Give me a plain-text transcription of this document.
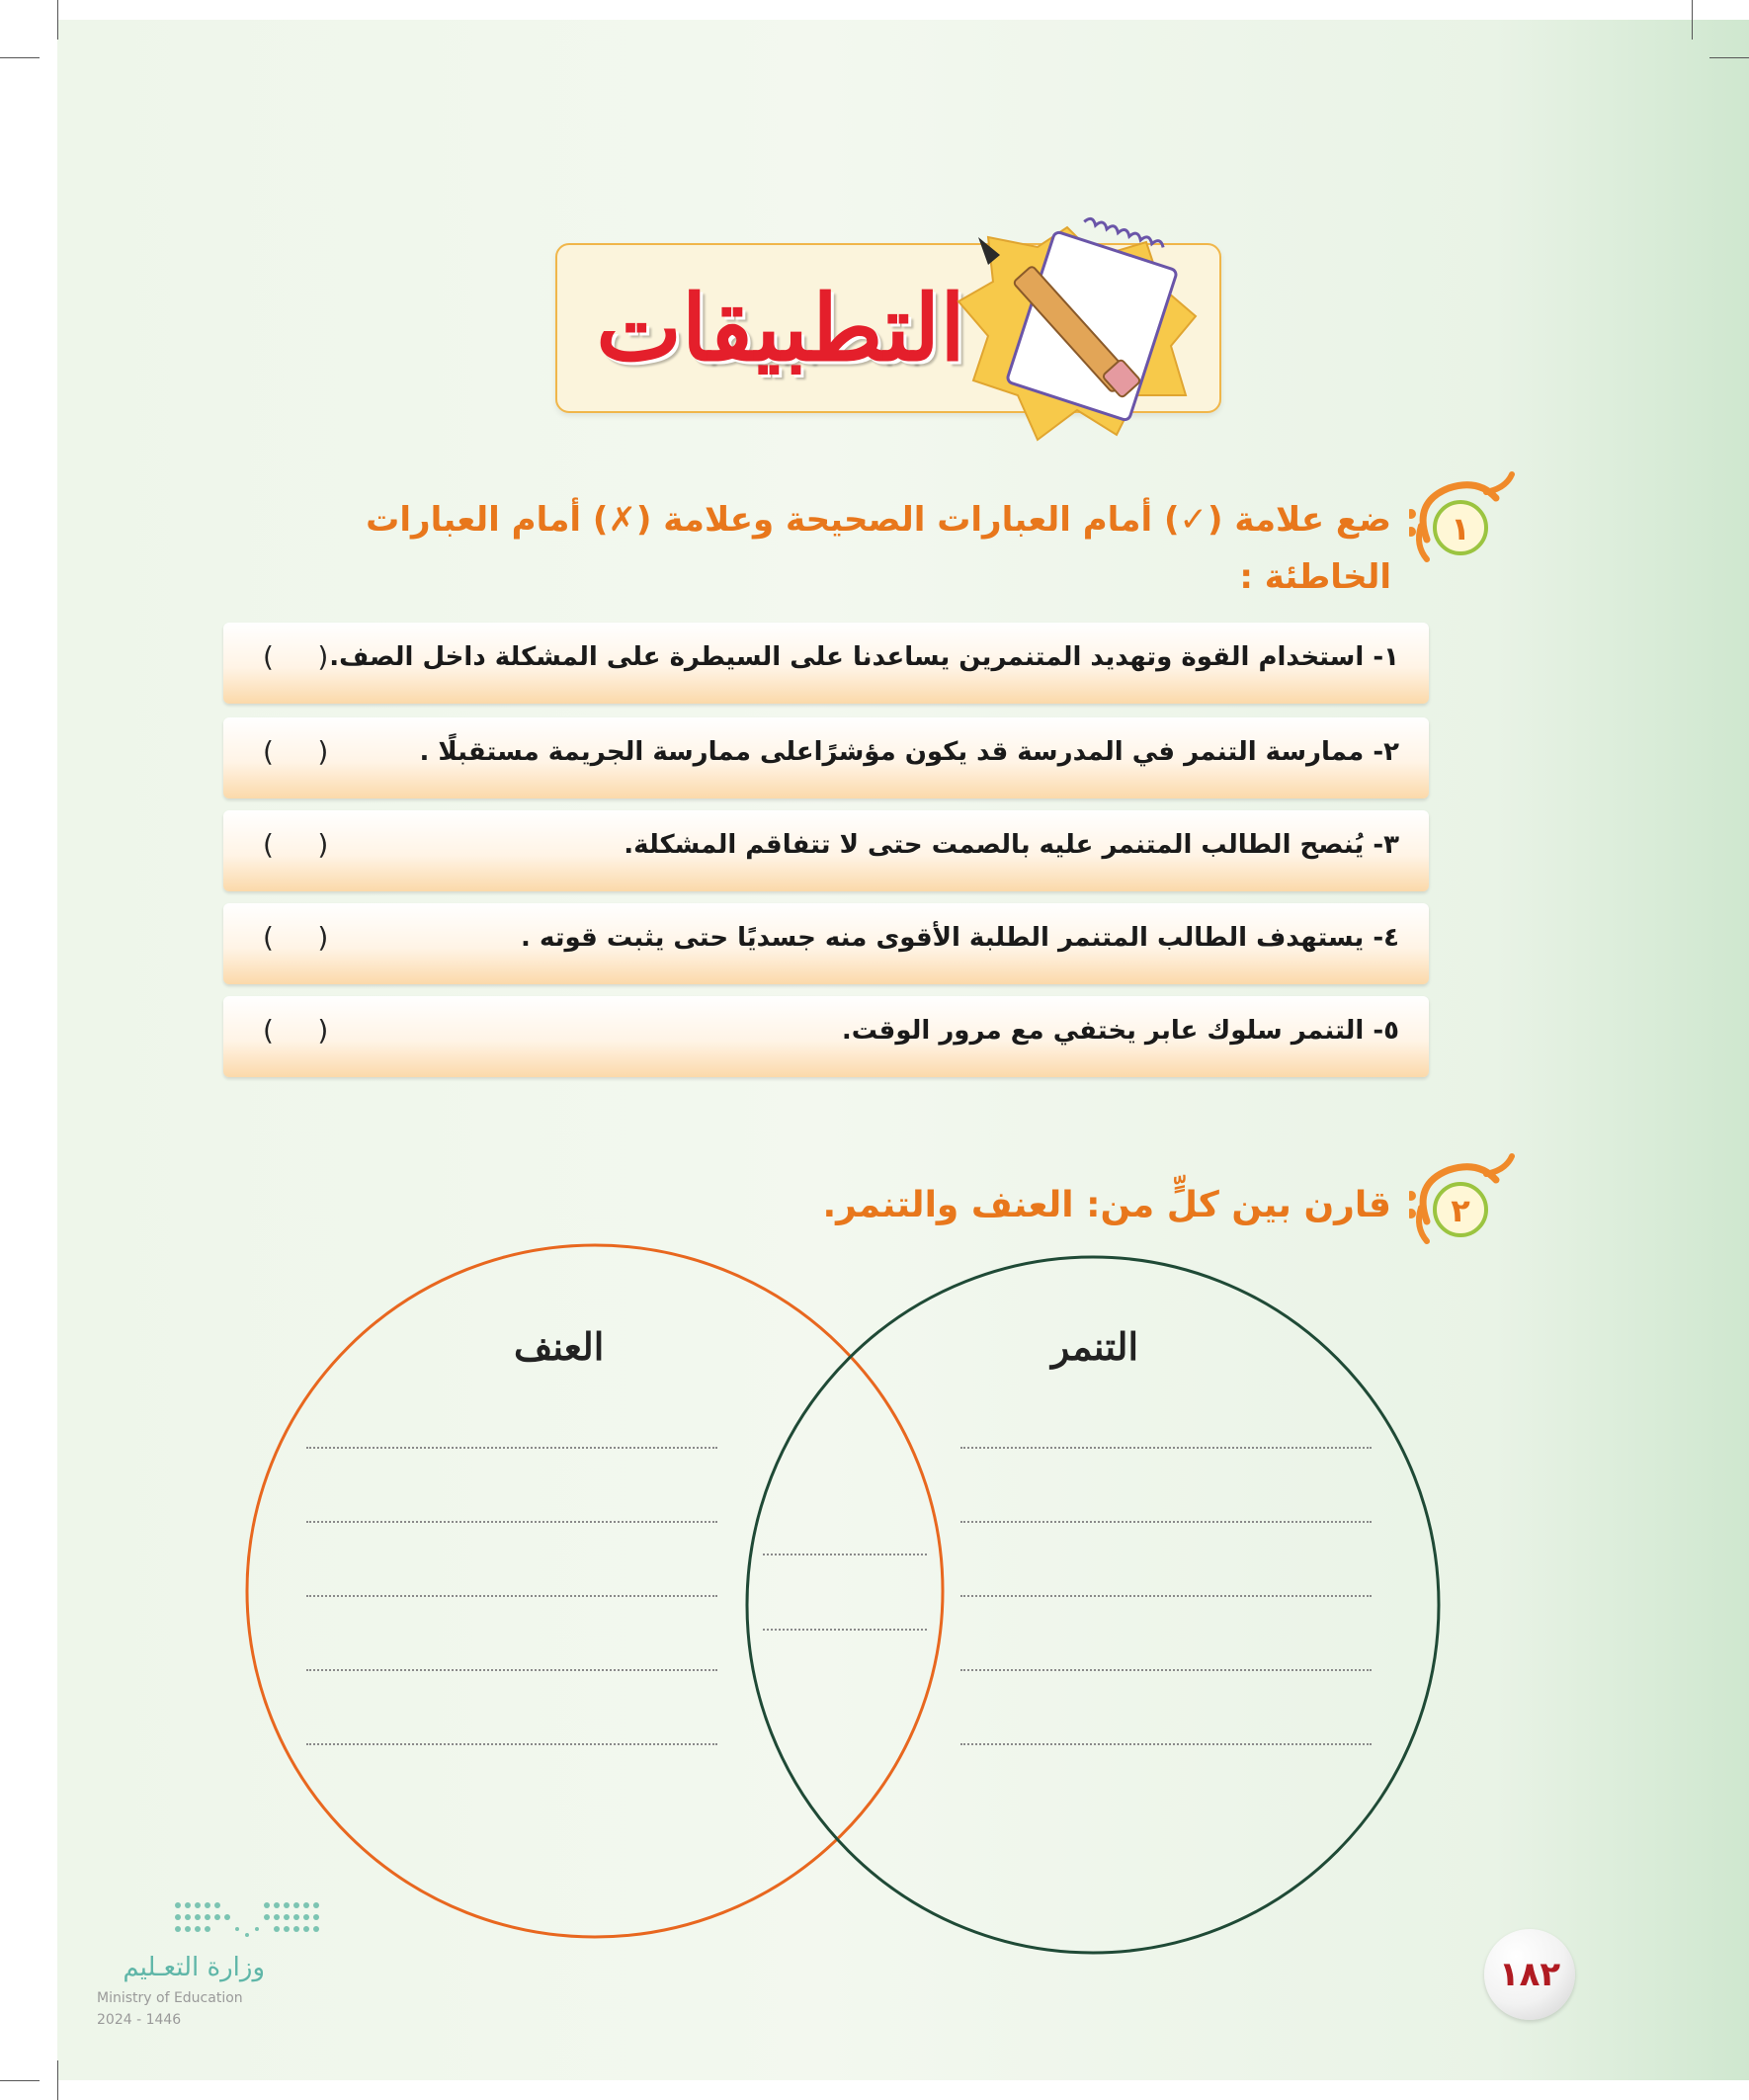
التطبيقات
١
ضع علامة (✓) أمام العبارات الصحيحة وعلامة (✗) أمام العبارات
الخاطئة :
١- استخدام القوة وتهديد المتنمرين يساعدنا على السيطرة على المشكلة داخل الصف.
(     )
٢- ممارسة التنمر في المدرسة قد يكون مؤشرًاعلى ممارسة الجريمة مستقبلًا .
(     )
٣- يُنصح الطالب المتنمر عليه بالصمت حتى لا تتفاقم المشكلة.
(     )
٤- يستهدف الطالب المتنمر الطلبة الأقوى منه جسديًا حتى يثبت قوته .
(     )
٥- التنمر سلوك عابر يختفي مع مرور الوقت.
(     )
٢
قارن بين كلٍّ من: العنف والتنمر.
العنف	التنمر
وزارة التعـليم
Ministry of Education
2024 - 1446
١٨٢
